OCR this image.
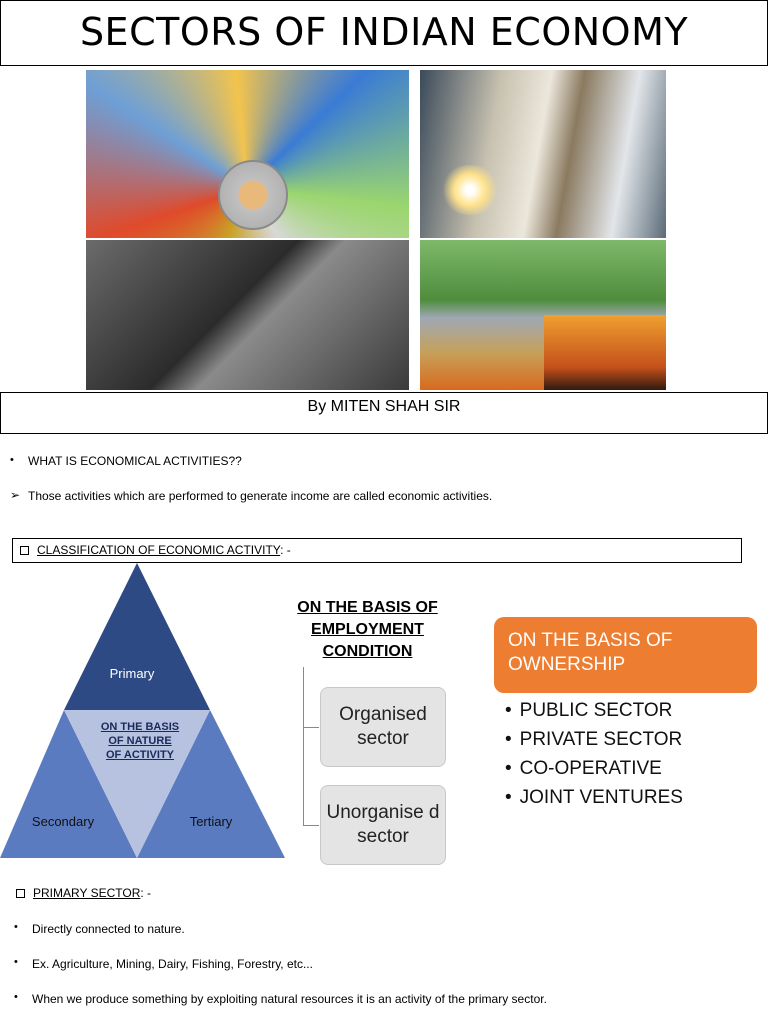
SECTORS OF INDIAN ECONOMY
By MITEN SHAH SIR
• WHAT IS ECONOMICAL ACTIVITIES??
➢ Those activities which are performed to generate income are called economic activities.
CLASSIFICATION OF ECONOMIC ACTIVITY: -
Primary
Secondary	Tertiary
ON THE BASIS OF NATURE OF ACTIVITY
ON THE BASIS OF EMPLOYMENT CONDITION
Organised sector
Unorganise d sector
ON THE BASIS OF OWNERSHIP
• PUBLIC SECTOR
• PRIVATE SECTOR
• CO-OPERATIVE
• JOINT VENTURES
PRIMARY SECTOR: -
• Directly connected to nature.
• Ex. Agriculture, Mining, Dairy, Fishing, Forestry, etc...
• When we produce something by exploiting natural resources it is an activity of the primary sector.
